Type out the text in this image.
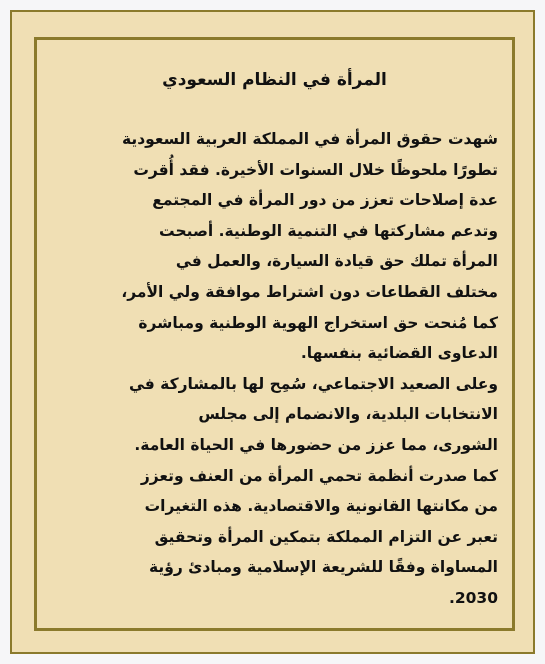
المرأة في النظام السعودي
شهدت حقوق المرأة في المملكة العربية السعودية
تطورًا ملحوظًا خلال السنوات الأخيرة. فقد أُقرت
عدة إصلاحات تعزز من دور المرأة في المجتمع
وتدعم مشاركتها في التنمية الوطنية. أصبحت
المرأة تملك حق قيادة السيارة، والعمل في
مختلف القطاعات دون اشتراط موافقة ولي الأمر،
كما مُنحت حق استخراج الهوية الوطنية ومباشرة
الدعاوى القضائية بنفسها.
وعلى الصعيد الاجتماعي، سُمِح لها بالمشاركة في
الانتخابات البلدية، والانضمام إلى مجلس
الشورى، مما عزز من حضورها في الحياة العامة.
كما صدرت أنظمة تحمي المرأة من العنف وتعزز
من مكانتها القانونية والاقتصادية. هذه التغيرات
تعبر عن التزام المملكة بتمكين المرأة وتحقيق
المساواة وفقًا للشريعة الإسلامية ومبادئ رؤية
2030.
